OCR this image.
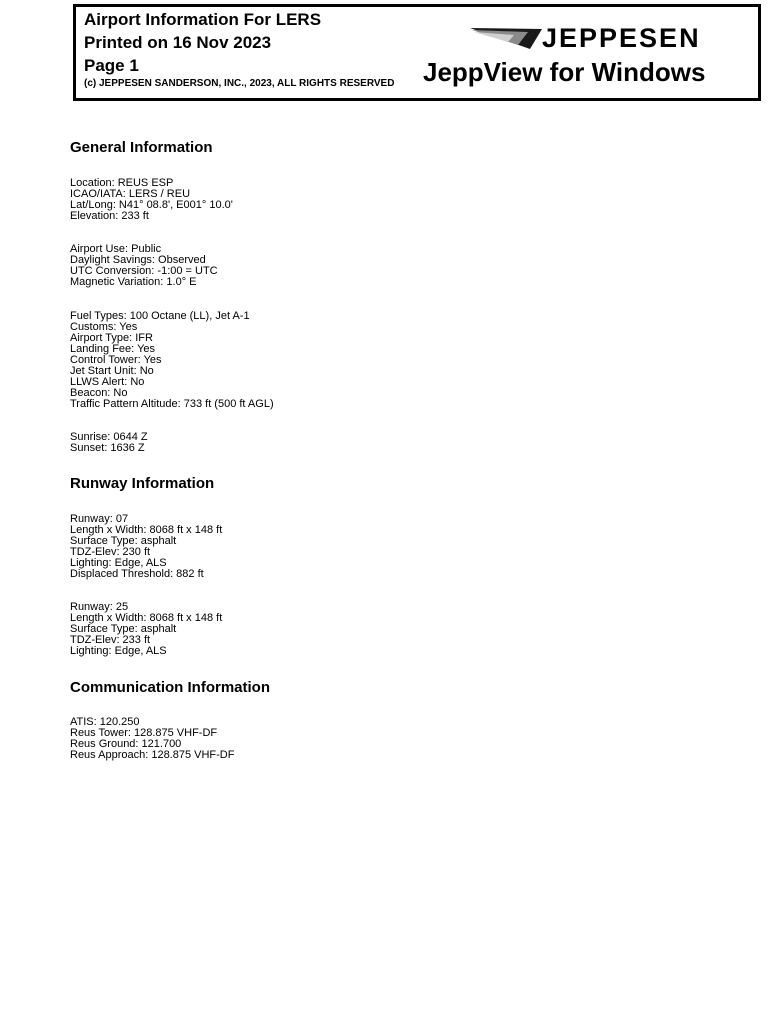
Airport Information For LERS
Printed on 16 Nov 2023
Page 1
(c) JEPPESEN SANDERSON, INC., 2023, ALL RIGHTS RESERVED
JEPPESEN
JeppView for Windows
General Information
Location: REUS ESP
ICAO/IATA: LERS / REU
Lat/Long: N41° 08.8', E001° 10.0'
Elevation: 233 ft
Airport Use: Public
Daylight Savings: Observed
UTC Conversion: -1:00 = UTC
Magnetic Variation: 1.0° E
Fuel Types: 100 Octane (LL), Jet A-1
Customs: Yes
Airport Type: IFR
Landing Fee: Yes
Control Tower: Yes
Jet Start Unit: No
LLWS Alert: No
Beacon: No
Traffic Pattern Altitude: 733 ft (500 ft AGL)
Sunrise: 0644 Z
Sunset: 1636 Z
Runway Information
Runway: 07
Length x Width: 8068 ft x 148 ft
Surface Type: asphalt
TDZ-Elev: 230 ft
Lighting: Edge, ALS
Displaced Threshold: 882 ft
Runway: 25
Length x Width: 8068 ft x 148 ft
Surface Type: asphalt
TDZ-Elev: 233 ft
Lighting: Edge, ALS
Communication Information
ATIS: 120.250
Reus Tower: 128.875 VHF-DF
Reus Ground: 121.700
Reus Approach: 128.875 VHF-DF
